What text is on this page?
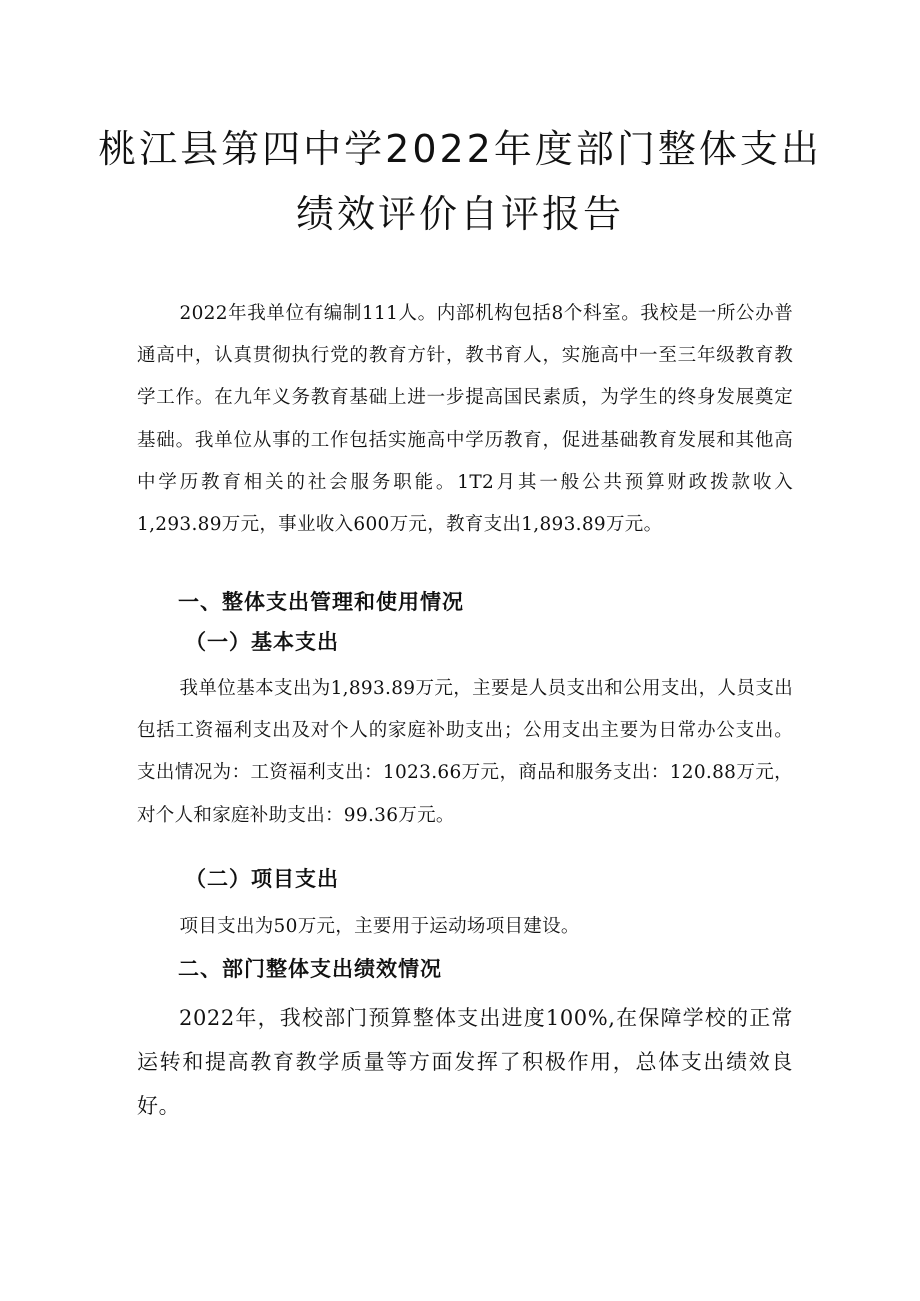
桃江县第四中学2022年度部门整体支出
绩效评价自评报告

2022年我单位有编制111人。内部机构包括8个科室。我校是一所公办普通高中，认真贯彻执行党的教育方针，教书育人，实施高中一至三年级教育教学工作。在九年义务教育基础上进一步提高国民素质，为学生的终身发展奠定基础。我单位从事的工作包括实施高中学历教育，促进基础教育发展和其他高中学历教育相关的社会服务职能。1T2月其一般公共预算财政拨款收入1,293.89万元，事业收入600万元，教育支出1,893.89万元。

一、整体支出管理和使用情况
（一）基本支出

我单位基本支出为1,893.89万元，主要是人员支出和公用支出，人员支出包括工资福利支出及对个人的家庭补助支出；公用支出主要为日常办公支出。支出情况为：工资福利支出：1023.66万元，商品和服务支出：120.88万元，对个人和家庭补助支出：99.36万元。

（二）项目支出

项目支出为50万元，主要用于运动场项目建设。

二、部门整体支出绩效情况

2022年，我校部门预算整体支出进度100%,在保障学校的正常运转和提高教育教学质量等方面发挥了积极作用，总体支出绩效良好。
